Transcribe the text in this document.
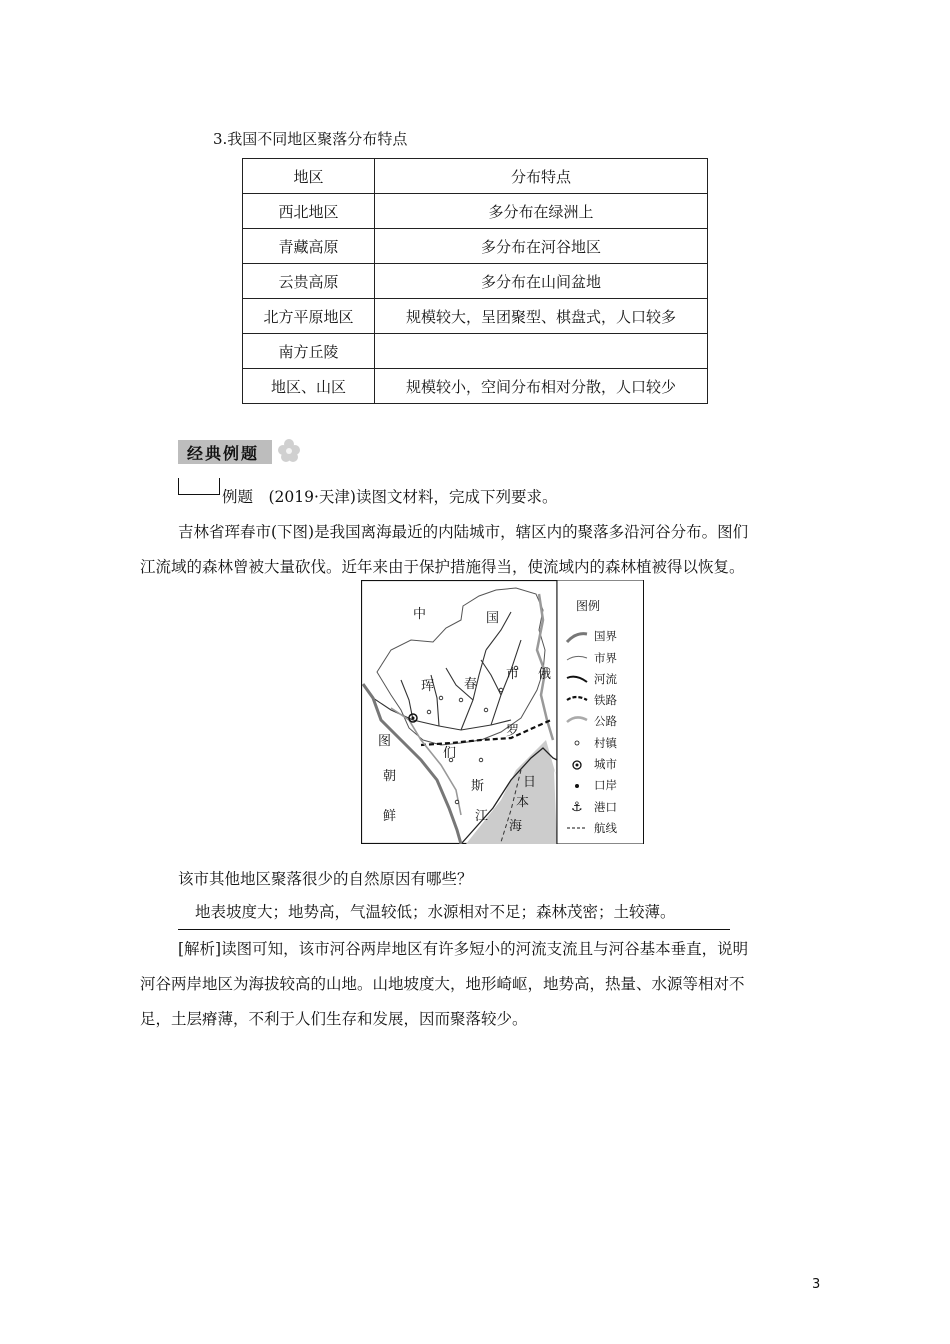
3.我国不同地区聚落分布特点
地区	分布特点
西北地区	多分布在绿洲上
青藏高原	多分布在河谷地区
云贵高原	多分布在山间盆地
北方平原地区	规模较大，呈团聚型、棋盘式，人口较多
南方丘陵	
地区、山区	规模较小，空间分布相对分散，人口较少
经典例题
例题　(2019·天津)读图文材料，完成下列要求。
吉林省珲春市(下图)是我国离海最近的内陆城市，辖区内的聚落多沿河谷分布。图们
江流域的森林曾被大量砍伐。近年来由于保护措施得当，使流域内的森林植被得以恢复。
中	国
珲 春
市 俄
罗
斯
图
们
江
朝
鲜
日
本
海
图例
国界
市界
河流
铁路
公路
村镇
城市
口岸
⚓ 港口
航线
该市其他地区聚落很少的自然原因有哪些？
地表坡度大；地势高，气温较低；水源相对不足；森林茂密；土较薄。
[解析]读图可知，该市河谷两岸地区有许多短小的河流支流且与河谷基本垂直，说明
河谷两岸地区为海拔较高的山地。山地坡度大，地形崎岖，地势高，热量、水源等相对不
足，土层瘠薄，不利于人们生存和发展，因而聚落较少。
3
